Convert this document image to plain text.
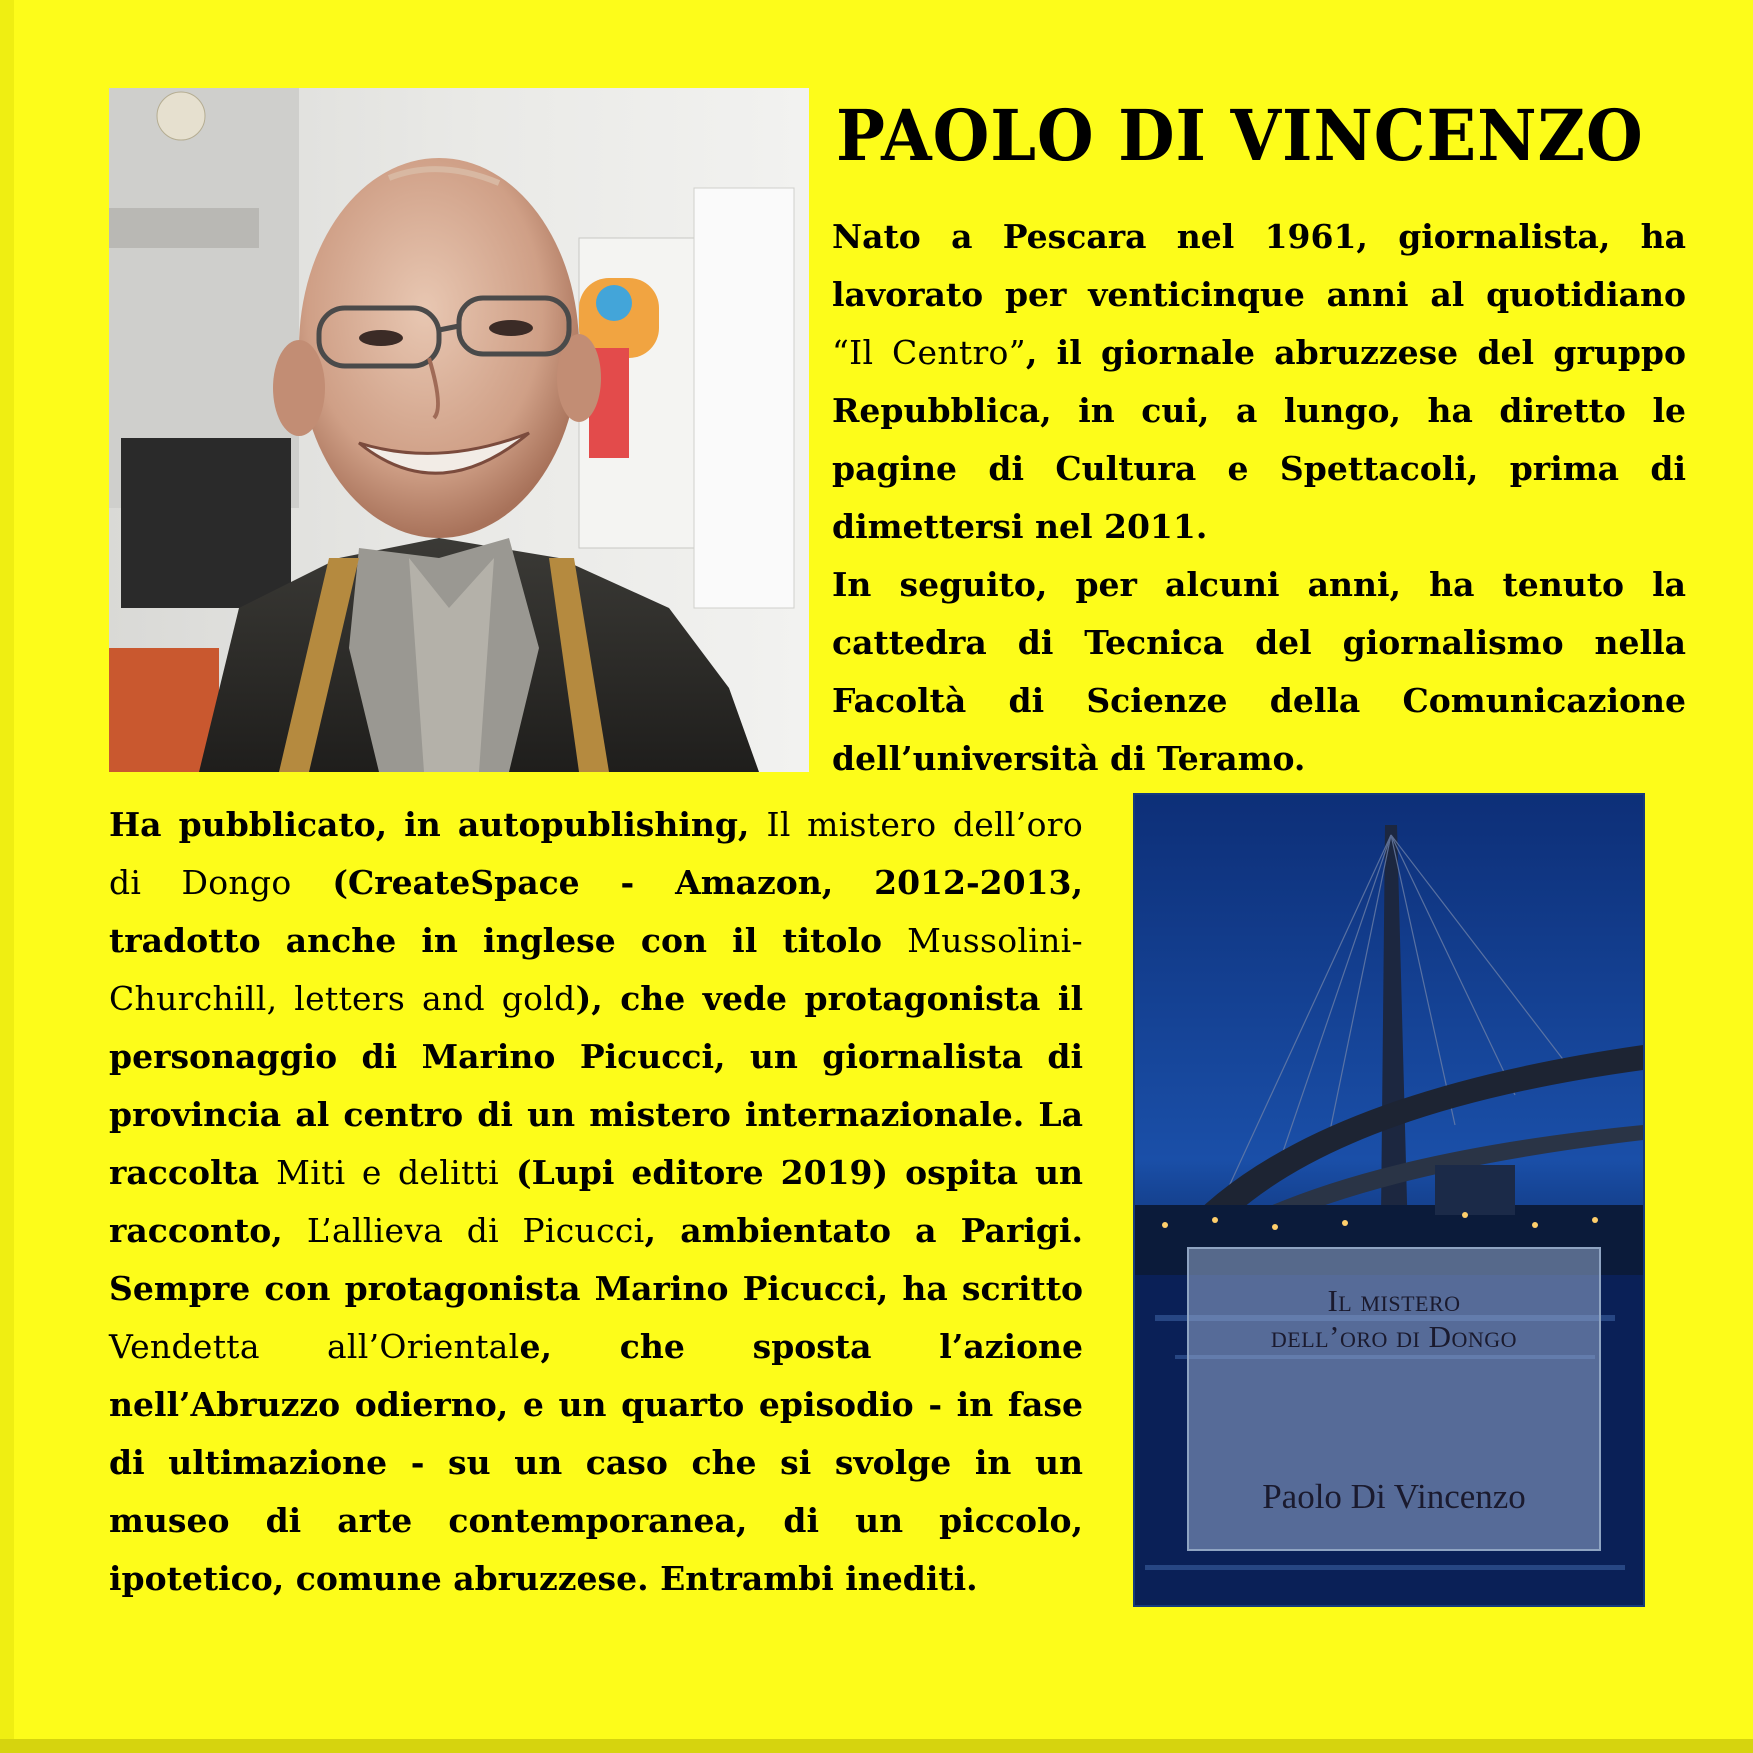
PAOLO DI VINCENZO

Nato a Pescara nel 1961, giornalista, ha lavorato per venticinque anni al quotidiano “Il Centro”, il giornale abruzzese del gruppo Repubblica, in cui, a lungo, ha diretto le pagine di Cultura e Spettacoli, prima di dimettersi nel 2011.

In seguito, per alcuni anni, ha tenuto la cattedra di Tecnica del giornalismo nella Facoltà di Scienze della Comunicazione dell’università di Teramo.

Ha pubblicato, in autopublishing, Il mistero dell’oro di Dongo (CreateSpace - Amazon, 2012-2013, tradotto anche in inglese con il titolo Mussolini-Churchill, letters and gold), che vede protagonista il personaggio di Marino Picucci, un giornalista di provincia al centro di un mistero internazionale. La raccolta Miti e delitti (Lupi editore 2019) ospita un racconto, L’allieva di Picucci, ambientato a Parigi. Sempre con protagonista Marino Picucci, ha scritto Vendetta all’Orientale, che sposta l’azione nell’Abruzzo odierno, e un quarto episodio - in fase di ultimazione - su un caso che si svolge in un museo di arte contemporanea, di un piccolo, ipotetico, comune abruzzese. Entrambi inediti.

Il mistero
dell’oro di Dongo
Paolo Di Vincenzo
